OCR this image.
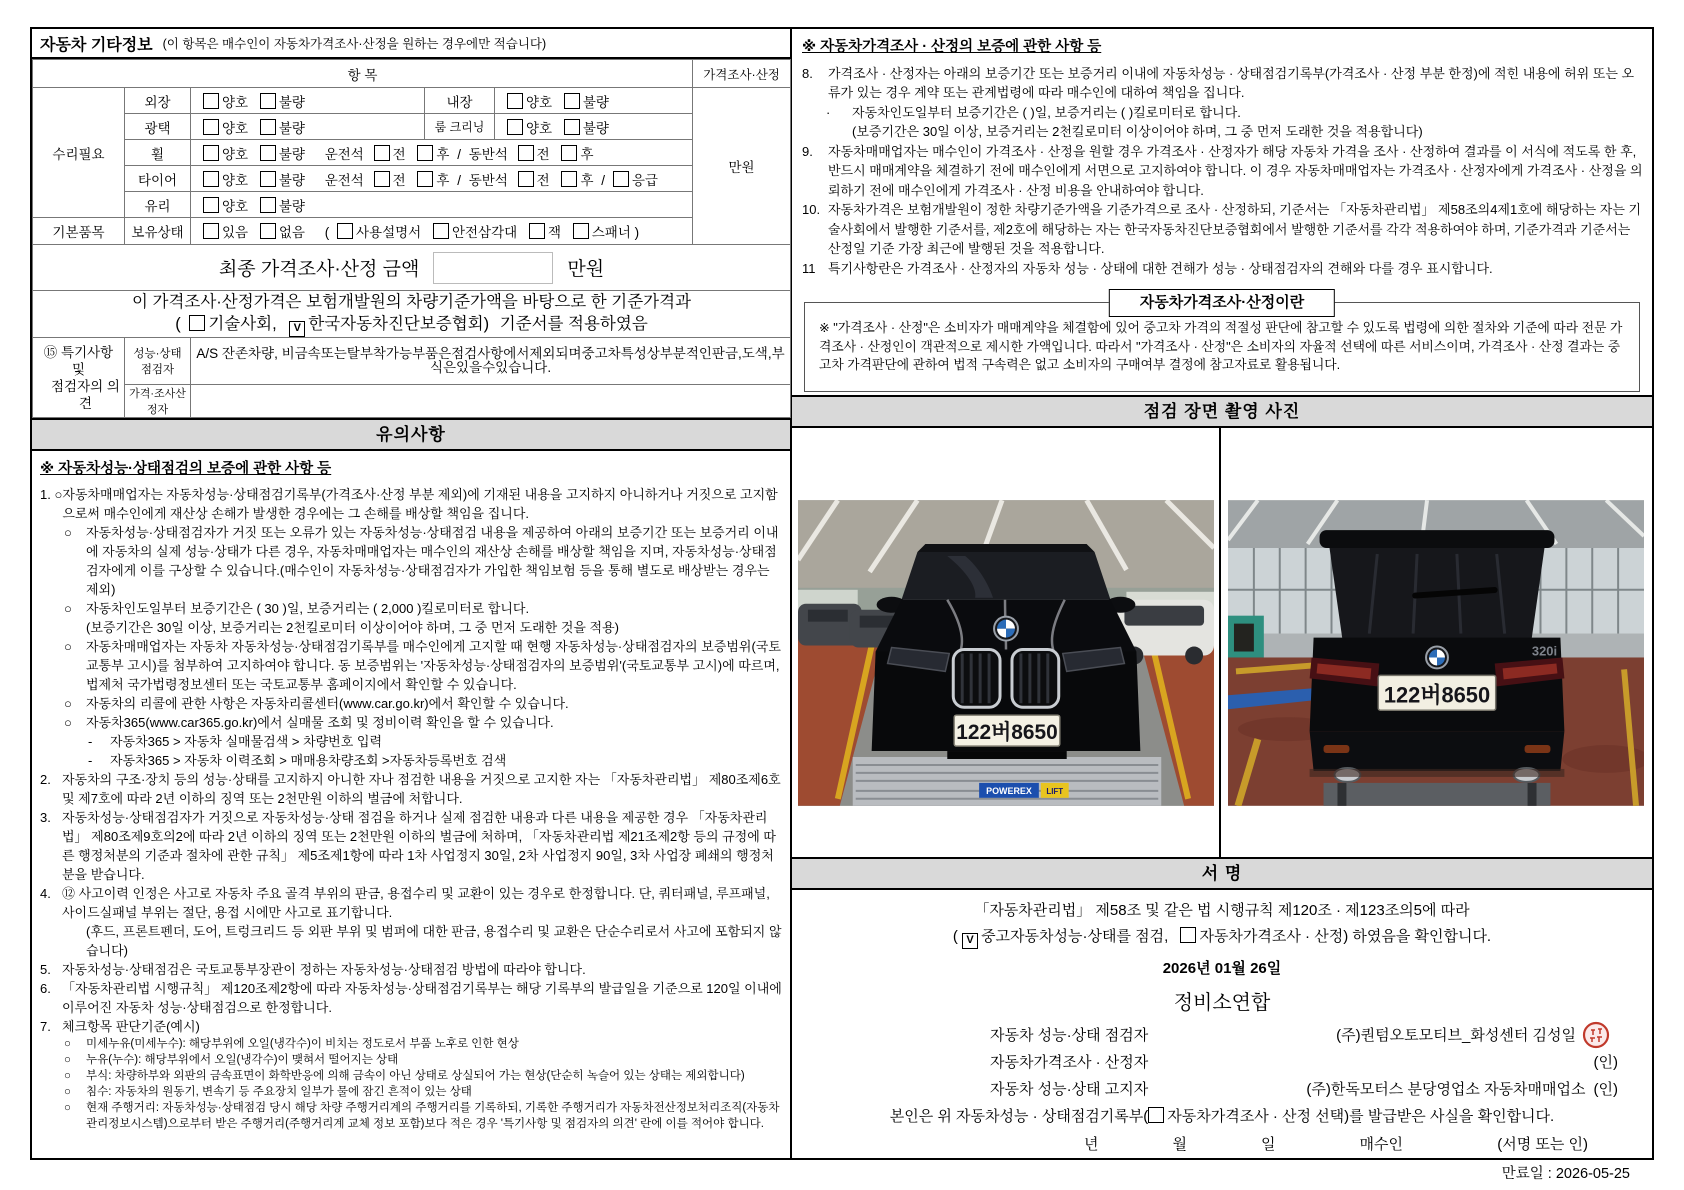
자동차 기타정보 (이 항목은 매수인이 자동차가격조사·산정을 원하는 경우에만 적습니다)
항 목					가격조사·산정
수리필요	외장	양호 불량	내장	양호 불량	만원
	광택	양호 불량	룸 크리닝	양호 불량	
	휠	양호 불량 운전석 전 후 / 동반석 전 후			
	타이어	양호 불량 운전석 전 후 / 동반석 전 후 / 응급			
	유리	양호 불량			
기본품목	보유상태	있음 없음 ( 사용설명서 안전삼각대 잭 스패너 )			

최종 가격조사·산정 금액 만원					

이 가격조사·산정가격은 보험개발원의 차량기준가액을 바탕으로 한 기준가격과
( 기술사회, V 한국자동차진단보증협회) 기준서를 적용하였음					

⑮ 특기사항 및
점검자의 의견	성능·상태점검자	A/S 잔존차량, 비금속또는탈부착가능부품은점검사항에서제외되며중고차특성상부분적인판금,도색,부식은있을수있습니다.			
	가격·조사산정자				
유의사항
※ 자동차성능·상태점검의 보증에 관한 사항 등
1. ○ 자동차매매업자는 자동차성능·상태점검기록부(가격조사·산정 부분 제외)에 기재된 내용을 고지하지 아니하거나 거짓으로 고지함으로써 매수인에게 재산상 손해가 발생한 경우에는 그 손해를 배상할 책임을 집니다.
○	자동차성능·상태점검자가 거짓 또는 오류가 있는 자동차성능·상태점검 내용을 제공하여 아래의 보증기간 또는 보증거리 이내에 자동차의 실제 성능·상태가 다른 경우, 자동차매매업자는 매수인의 재산상 손해를 배상할 책임을 지며, 자동차성능·상태점검자에게 이를 구상할 수 있습니다.(매수인이 자동차성능·상태점검자가 가입한 책임보험 등을 통해 별도로 배상받는 경우는 제외)
○	자동차인도일부터 보증기간은 ( 30 )일, 보증거리는 ( 2,000 )킬로미터로 합니다.
(보증기간은 30일 이상, 보증거리는 2천킬로미터 이상이어야 하며, 그 중 먼저 도래한 것을 적용)
○	자동차매매업자는 자동차 자동차성능·상태점검기록부를 매수인에게 고지할 때 현행 자동차성능·상태점검자의 보증범위(국토교통부 고시)를 첨부하여 고지하여야 합니다. 동 보증범위는 '자동차성능·상태점검자의 보증범위'(국토교통부 고시)에 따르며, 법제처 국가법령정보센터 또는 국토교통부 홈페이지에서 확인할 수 있습니다.
○	자동차의 리콜에 관한 사항은 자동차리콜센터(www.car.go.kr)에서 확인할 수 있습니다.
○	자동차365(www.car365.go.kr)에서 실매물 조회 및 정비이력 확인을 할 수 있습니다.
-	자동차365 > 자동차 실매물검색 > 차량번호 입력
-	자동차365 > 자동차 이력조회 > 매매용차량조회 >자동차등록번호 검색
2. 자동차의 구조·장치 등의 성능·상태를 고지하지 아니한 자나 점검한 내용을 거짓으로 고지한 자는 「자동차관리법」 제80조제6호 및 제7호에 따라 2년 이하의 징역 또는 2천만원 이하의 벌금에 처합니다.
3. 자동차성능·상태점검자가 거짓으로 자동차성능·상태 점검을 하거나 실제 점검한 내용과 다른 내용을 제공한 경우 「자동차관리법」 제80조제9호의2에 따라 2년 이하의 징역 또는 2천만원 이하의 벌금에 처하며, 「자동차관리법 제21조제2항 등의 규정에 따른 행정처분의 기준과 절차에 관한 규칙」 제5조제1항에 따라 1차 사업정지 30일, 2차 사업정지 90일, 3차 사업장 폐쇄의 행정처분을 받습니다.
4. ⑫ 사고이력 인정은 사고로 자동차 주요 골격 부위의 판금, 용접수리 및 교환이 있는 경우로 한정합니다. 단, 쿼터패널, 루프패널, 사이드실패널 부위는 절단, 용접 시에만 사고로 표기합니다.
(후드, 프론트펜더, 도어, 트렁크리드 등 외판 부위 및 범퍼에 대한 판금, 용접수리 및 교환은 단순수리로서 사고에 포함되지 않습니다)
5. 자동차성능·상태점검은 국토교통부장관이 정하는 자동차성능·상태점검 방법에 따라야 합니다.
6. 「자동차관리법 시행규칙」 제120조제2항에 따라 자동차성능·상태점검기록부는 해당 기록부의 발급일을 기준으로 120일 이내에 이루어진 자동차 성능·상태점검으로 한정합니다.
7. 체크항목 판단기준(예시)
○	미세누유(미세누수): 해당부위에 오일(냉각수)이 비치는 정도로서 부품 노후로 인한 현상
○	누유(누수): 해당부위에서 오일(냉각수)이 맺혀서 떨어지는 상태
○	부식: 차량하부와 외판의 금속표면이 화학반응에 의해 금속이 아닌 상태로 상실되어 가는 현상(단순히 녹슬어 있는 상태는 제외합니다)
○	침수: 자동차의 원동기, 변속기 등 주요장치 일부가 물에 잠긴 흔적이 있는 상태
○	현재 주행거리: 자동차성능·상태점검 당시 해당 차량 주행거리계의 주행거리를 기록하되, 기록한 주행거리가 자동차전산정보처리조직(자동차관리정보시스템)으로부터 받은 주행거리(주행거리계 교체 정보 포함)보다 적은 경우 '특기사항 및 점검자의 의견' 란에 이를 적어야 합니다.
※ 자동차가격조사 · 산정의 보증에 관한 사항 등
8.	가격조사 · 산정자는 아래의 보증기간 또는 보증거리 이내에 자동차성능 · 상태점검기록부(가격조사 · 산정 부분 한정)에 적힌 내용에 허위 또는 오류가 있는 경우 계약 또는 관계법령에 따라 매수인에 대하여 책임을 집니다.
·	자동차인도일부터 보증기간은 ( )일, 보증거리는 ( )킬로미터로 합니다.
(보증기간은 30일 이상, 보증거리는 2천킬로미터 이상이어야 하며, 그 중 먼저 도래한 것을 적용합니다)
9.	자동차매매업자는 매수인이 가격조사 · 산정을 원할 경우 가격조사 · 산정자가 해당 자동차 가격을 조사 · 산정하여 결과를 이 서식에 적도록 한 후, 반드시 매매계약을 체결하기 전에 매수인에게 서면으로 고지하여야 합니다. 이 경우 자동차매매업자는 가격조사 · 산정자에게 가격조사 · 산정을 의뢰하기 전에 매수인에게 가격조사 · 산정 비용을 안내하여야 합니다.
10. 자동차가격은 보험개발원이 정한 차량기준가액을 기준가격으로 조사 · 산정하되, 기준서는 「자동차관리법」 제58조의4제1호에 해당하는 자는 기술사회에서 발행한 기준서를, 제2호에 해당하는 자는 한국자동차진단보증협회에서 발행한 기준서를 각각 적용하여야 하며, 기준가격과 기준서는 산정일 기준 가장 최근에 발행된 것을 적용합니다.
11 특기사항란은 가격조사 · 산정자의 자동차 성능 · 상태에 대한 견해가 성능 · 상태점검자의 견해와 다를 경우 표시합니다.
자동차가격조사·산정이란
※ "가격조사 · 산정"은 소비자가 매매계약을 체결함에 있어 중고차 가격의 적절성 판단에 참고할 수 있도록 법령에 의한 절차와 기준에 따라 전문 가격조사 · 산정인이 객관적으로 제시한 가액입니다. 따라서 "가격조사 · 산정"은 소비자의 자율적 선택에 따른 서비스이며, 가격조사 · 산정 결과는 중고차 가격판단에 관하여 법적 구속력은 없고 소비자의 구매여부 결정에 참고자료로 활용됩니다.
점검 장면 촬영 사진
122버8650
POWEREX LIFT
320i
122버8650
서 명
「자동차관리법」 제58조 및 같은 법 시행규칙 제120조 · 제123조의5에 따라
( V 중고자동차성능·상태를 점검, 자동차가격조사 · 산정) 하였음을 확인합니다.
2026년 01월 26일
정비소연합
자동차 성능·상태 점검자	(주)퀀텀오토모티브_화성센터 김성일
자동차가격조사 · 산정자	(인)
자동차 성능·상태 고지자	(주)한독모터스 분당영업소 자동차매매업소 (인)
본인은 위 자동차성능 · 상태점검기록부( 자동차가격조사 · 산정 선택)를 발급받은 사실을 확인합니다.
년	월	일	매수인	(서명 또는 인)
만료일 : 2026-05-25
